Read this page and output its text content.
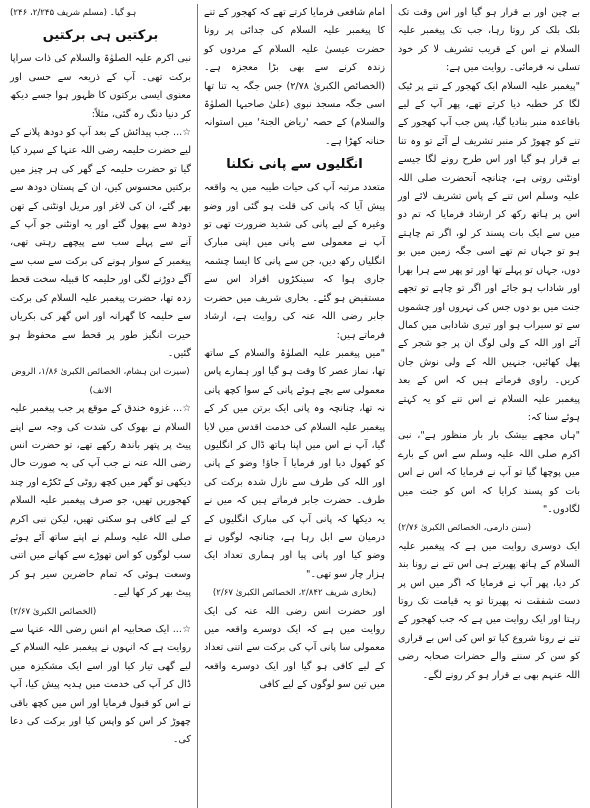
بے چین اور بے قرار ہو گیا اور اس وقت تک بلک بلک کر روتا رہا، جب تک پیغمبر علیہ السلام نے اس کے قریب تشریف لا کر خود تسلی نہ فرمائی۔ روایت میں ہے:

"پیغمبر علیہ السلام ایک کھجور کے تنے پر ٹیک لگا کر خطبہ دیا کرتے تھے، پھر آپ کے لیے باقاعدہ منبر بنادیا گیا، پس جب آپ کھجور کے تنے کو چھوڑ کر منبر تشریف لے آئے تو وہ تنا بے قرار ہو گیا اور اس طرح رونے لگا جیسے اونٹنی روتی ہے، چنانچہ آنحضرت صلی اللہ علیہ وسلم اس تنے کے پاس تشریف لائے اور اس پر ہاتھ رکھ کر ارشاد فرمایا کہ تم دو میں سے ایک بات پسند کر لو، اگر تم چاہتے ہو تو جہاں تم تھے اسی جگہ زمین میں بو دوں، جہاں تو پہلے تھا اور تو پھر سے ہرا بھرا اور شاداب ہو جائے اور اگر تو چاہے تو تجھے جنت میں بو دوں جس کی نہروں اور چشموں سے تو سیراب ہو اور تیری شادابی میں کمال آئے اور اللہ کے ولی لوگ ان پر جو شجر کے پھل کھائیں، جنہیں اللہ کے ولی نوش جان کریں۔ راوی فرماتے ہیں کہ اس کے بعد پیغمبر علیہ السلام نے اس تنے کو یہ کہتے ہوئے سنا کہ:

"ہاں مجھے بیشک بار بار منظور ہے"، نبی اکرم صلی اللہ علیہ وسلم سے اس کے بارے میں پوچھا گیا تو آپ نے فرمایا کہ اس نے اس بات کو پسند کرایا کہ اس کو جنت میں لگادوں۔"

(سنن دارمی، الخصائص الکبریٰ ۲/۷۶)

ایک دوسری روایت میں ہے کہ پیغمبر علیہ السلام کے ہاتھ پھیرتے ہی اس تنے نے رونا بند کر دیا، پھر آپ نے فرمایا کہ اگر میں اس پر دست شفقت نہ پھیرتا تو یہ قیامت تک روتا رہتا اور ایک روایت میں ہے کہ جب کھجور کے تنے نے رونا شروع کیا تو اس کی اس بے قراری کو سن کر سننے والے حضرات صحابہ رضی اللہ عنہم بھی بے قرار ہو کر رونے لگے۔

امام شافعی فرمایا کرتے تھے کہ کھجور کے تنے کا پیغمبر علیہ السلام کی جدائی پر رونا حضرت عیسیٰ علیہ السلام کے مردوں کو زندہ کرنے سے بھی بڑا معجزہ ہے۔ (الخصائص الکبریٰ ۲/۷۸) جس جگہ یہ تنا تھا اسی جگہ مسجد نبوی (علیٰ صاحبہا الصلوٰۃ والسلام) کے حصہ 'ریاض الجنۃ' میں استوانہ حنانہ کھڑا ہے۔

انگلیوں سے پانی نکلنا

متعدد مرتبہ آپ کی حیات طیبہ میں یہ واقعہ پیش آیا کہ پانی کی قلت ہو گئی اور وضو وغیرہ کے لیے پانی کی شدید ضرورت تھی تو آپ نے معمولی سے پانی میں اپنی مبارک انگلیاں رکھ دیں، جن سے پانی کا ایسا چشمہ جاری ہوا کہ سینکڑوں افراد اس سے مستفیض ہو گئے۔ بخاری شریف میں حضرت جابر رضی اللہ عنہ کی روایت ہے، ارشاد فرماتے ہیں:

"میں پیغمبر علیہ الصلوٰۃ والسلام کے ساتھ تھا، نماز عصر کا وقت ہو گیا اور ہمارے پاس معمولی سے بچے ہوئے پانی کے سوا کچھ پانی نہ تھا، چنانچہ وہ پانی ایک برتن میں کر کے پیغمبر علیہ السلام کی خدمت اقدس میں لایا گیا، آپ نے اس میں اپنا ہاتھ ڈال کر انگلیوں کو کھول دیا اور فرمایا آ جاؤ! وضو کے پانی اور اللہ کی طرف سے نازل شدہ برکت کی طرف۔ حضرت جابر فرماتے ہیں کہ میں نے یہ دیکھا کہ پانی آپ کی مبارک انگلیوں کے درمیان سے ابل رہا ہے، چنانچہ لوگوں نے وضو کیا اور پانی پیا اور ہماری تعداد ایک ہزار چار سو تھی۔"

(بخاری شریف ۲/۸۴۲، الخصائص الکبریٰ ۲/۶۷)

اور حضرت انس رضی اللہ عنہ کی ایک روایت میں ہے کہ ایک دوسرے واقعہ میں معمولی سا پانی آپ کی برکت سے اتنی تعداد کے لیے کافی ہو گیا اور ایک دوسرے واقعہ میں تین سو لوگوں کے لیے کافی

ہو گیا۔ (مسلم شریف ۲/۲۴۵، ۲۴۶)

برکتیں ہی برکتیں

نبی اکرم علیہ الصلوٰۃ والسلام کی ذات سراپا برکت تھی۔ آپ کے ذریعہ سے حسی اور معنوی ایسی برکتوں کا ظہور ہوا جسے دیکھ کر دنیا دنگ رہ گئی، مثلاً:

☆... جب پیدائش کے بعد آپ کو دودھ پلانے کے لیے حضرت حلیمہ رضی اللہ عنہا کے سپرد کیا گیا تو حضرت حلیمہ کے گھر کی ہر چیز میں برکتیں محسوس کیں، ان کے پستان دودھ سے بھر گئے، ان کی لاغر اور مریل اونٹنی کے تھن دودھ سے پھول گئے اور یہ اونٹنی جو آپ کے آنے سے پہلے سب سے پیچھے رہتی تھی، پیغمبر کے سوار ہونے کی برکت سے سب سے آگے دوڑنے لگی اور حلیمہ کا قبیلہ سخت قحط زدہ تھا، حضرت پیغمبر علیہ السلام کی برکت سے حلیمہ کا گھرانہ اور اس گھر کی بکریاں حیرت انگیز طور پر قحط سے محفوظ ہو گئیں۔

(سیرت ابن ہشام، الخصائص الکبریٰ ۱/۸۶، الروض الانف)

☆... غزوہ خندق کے موقع پر جب پیغمبر علیہ السلام نے بھوک کی شدت کی وجہ سے اپنے پیٹ پر پتھر باندھ رکھے تھے، تو حضرت انس رضی اللہ عنہ نے جب آپ کی یہ صورت حال دیکھی تو گھر میں کچھ روٹی کے ٹکڑے اور چند کھجوریں تھیں، جو صرف پیغمبر علیہ السلام کے لیے کافی ہو سکتی تھیں، لیکن نبی اکرم صلی اللہ علیہ وسلم نے اپنے ساتھ آئے ہوئے سب لوگوں کو اس تھوڑے سے کھانے میں اتنی وسعت ہوئی کہ تمام حاضرین سیر ہو کر پیٹ بھر کر کھا لیے۔

(الخصائص الکبریٰ ۲/۶۷)

☆... ایک صحابیہ ام انس رضی اللہ عنہا سے روایت ہے کہ انہوں نے پیغمبر علیہ السلام کے لیے گھی تیار کیا اور اسے ایک مشکیزہ میں ڈال کر آپ کی خدمت میں ہدیہ پیش کیا، آپ نے اس کو قبول فرمایا اور اس میں کچھ باقی چھوڑ کر اس کو واپس کیا اور برکت کی دعا کی۔
